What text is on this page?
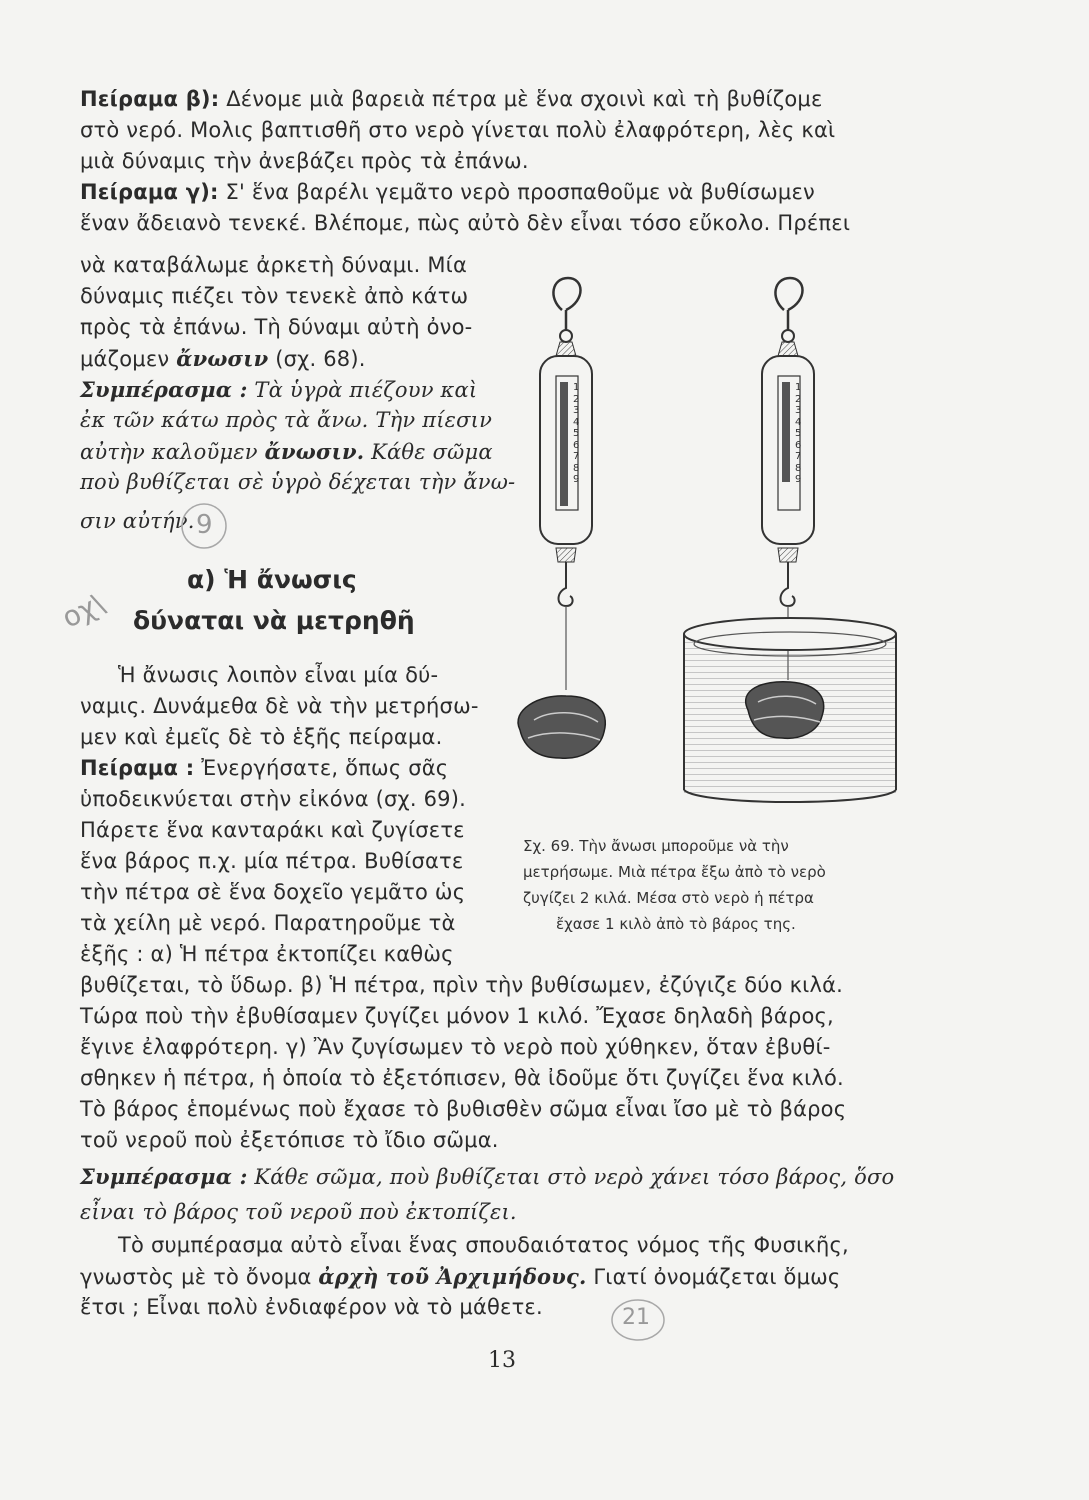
Πείραμα β): Δένομε μιὰ βαρειὰ πέτρα μὲ ἕνα σχοινὶ καὶ τὴ βυθίζομε
στὸ νερό. Μολις βαπτισθῆ στο νερὸ γίνεται πολὺ ἐλαφρότερη, λὲς καὶ
μιὰ δύναμις τὴν ἀνεβάζει πρὸς τὰ ἐπάνω.
Πείραμα γ): Σ' ἕνα βαρέλι γεμᾶτο νερὸ προσπαθοῦμε νὰ βυθίσωμεν
ἕναν ἄδειανὸ τενεκέ. Βλέπομε, πὼς αὐτὸ δὲν εἶναι τόσο εὔκολο. Πρέπει
νὰ καταβάλωμε ἀρκετὴ δύναμι. Μία
δύναμις πιέζει τὸν τενεκὲ ἀπὸ κάτω
πρὸς τὰ ἐπάνω. Τὴ δύναμι αὐτὴ ὀνο-
μάζομεν ἄνωσιν (σχ. 68).
Συμπέρασμα : Τὰ ὑγρὰ πιέζουν καὶ
ἐκ τῶν κάτω πρὸς τὰ ἄνω. Τὴν πίεσιν
αὐτὴν καλοῦμεν ἄνωσιν. Κάθε σῶμα
ποὺ βυθίζεται σὲ ὑγρὸ δέχεται τὴν ἄνω-
σιν αὐτήν. 9
α) Ἡ ἄνωσις
δύναται νὰ μετρηθῆ
οχ\
Ἡ ἄνωσις λοιπὸν εἶναι μία δύ-
ναμις. Δυνάμεθα δὲ νὰ τὴν μετρήσω-
μεν καὶ ἐμεῖς δὲ τὸ ἑξῆς πείραμα.
Πείραμα : Ἐνεργήσατε, ὅπως σᾶς
ὑποδεικνύεται στὴν εἰκόνα (σχ. 69).
Πάρετε ἕνα κανταράκι καὶ ζυγίσετε
ἕνα βάρος π.χ. μία πέτρα. Βυθίσατε
τὴν πέτρα σὲ ἕνα δοχεῖο γεμᾶτο ὡς
τὰ χείλη μὲ νερό. Παρατηροῦμε τὰ
ἑξῆς : α) Ἡ πέτρα ἐκτοπίζει καθὼς
βυθίζεται, τὸ ὕδωρ. β) Ἡ πέτρα, πρὶν τὴν βυθίσωμεν, ἐζύγιζε δύο κιλά.
Τώρα ποὺ τὴν ἐβυθίσαμεν ζυγίζει μόνον 1 κιλό. Ἔχασε δηλαδὴ βάρος,
ἔγινε ἐλαφρότερη. γ) Ἂν ζυγίσωμεν τὸ νερὸ ποὺ χύθηκεν, ὅταν ἐβυθί-
σθηκεν ἡ πέτρα, ἡ ὁποία τὸ ἐξετόπισεν, θὰ ἰδοῦμε ὅτι ζυγίζει ἕνα κιλό.
Τὸ βάρος ἑπομένως ποὺ ἔχασε τὸ βυθισθὲν σῶμα εἶναι ἴσο μὲ τὸ βάρος
τοῦ νεροῦ ποὺ ἐξετόπισε τὸ ἴδιο σῶμα.
Συμπέρασμα : Κάθε σῶμα, ποὺ βυθίζεται στὸ νερὸ χάνει τόσο βάρος, ὅσο
εἶναι τὸ βάρος τοῦ νεροῦ ποὺ ἐκτοπίζει.
Τὸ συμπέρασμα αὐτὸ εἶναι ἕνας σπουδαιότατος νόμος τῆς Φυσικῆς,
γνωστὸς μὲ τὸ ὄνομα ἀρχὴ τοῦ Ἀρχιμήδους. Γιατί ὀνομάζεται ὅμως
ἔτσι ; Εἶναι πολὺ ἐνδιαφέρον νὰ τὸ μάθετε.	21
13
1
2
3
4
5
6
7
8
9
1
2
3
4
5
6
7
8
9
Σχ. 69. Τὴν ἄνωσι μποροῦμε νὰ τὴν
μετρήσωμε. Μιὰ πέτρα ἔξω ἀπὸ τὸ νερὸ
ζυγίζει 2 κιλά. Μέσα στὸ νερὸ ἡ πέτρα
ἔχασε 1 κιλὸ ἀπὸ τὸ βάρος της.
